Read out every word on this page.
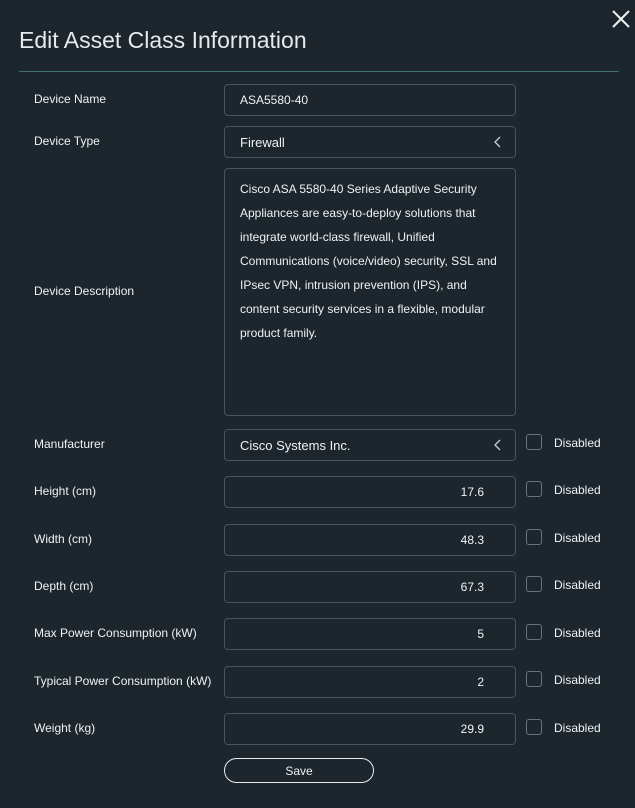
Edit Asset Class Information
Device Name	ASA5580-40
Device Type	Firewall
Device Description
Cisco ASA 5580-40 Series Adaptive Security Appliances are easy-to-deploy solutions that integrate world-class firewall, Unified Communications (voice/video) security, SSL and IPsec VPN, intrusion prevention (IPS), and content security services in a flexible, modular product family.
Manufacturer	Cisco Systems Inc.	Disabled
Height (cm)	17.6	Disabled
Width (cm)	48.3	Disabled
Depth (cm)	67.3	Disabled
Max Power Consumption (kW)	5	Disabled
Typical Power Consumption (kW)	2	Disabled
Weight (kg)	29.9	Disabled
Save
